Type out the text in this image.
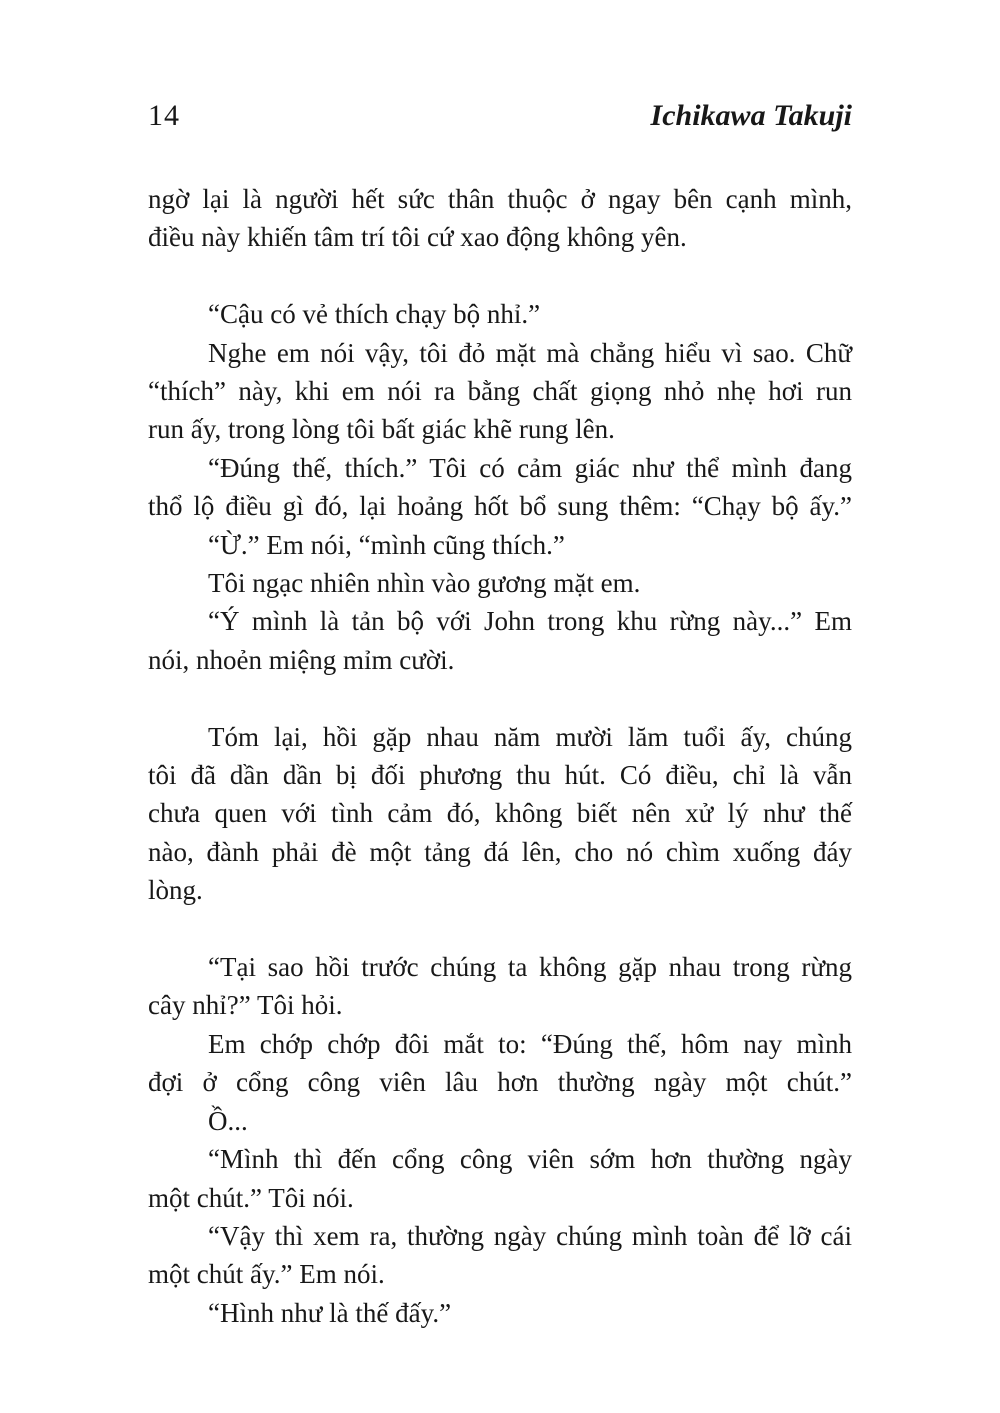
14	Ichikawa Takuji
ngờ lại là người hết sức thân thuộc ở ngay bên cạnh mình,
điều này khiến tâm trí tôi cứ xao động không yên.
“Cậu có vẻ thích chạy bộ nhỉ.”
Nghe em nói vậy, tôi đỏ mặt mà chẳng hiểu vì sao. Chữ
“thích” này, khi em nói ra bằng chất giọng nhỏ nhẹ hơi run
run ấy, trong lòng tôi bất giác khẽ rung lên.
“Đúng thế, thích.” Tôi có cảm giác như thể mình đang
thổ lộ điều gì đó, lại hoảng hốt bổ sung thêm: “Chạy bộ ấy.”
“Ừ.” Em nói, “mình cũng thích.”
Tôi ngạc nhiên nhìn vào gương mặt em.
“Ý mình là tản bộ với John trong khu rừng này...” Em
nói, nhoẻn miệng mỉm cười.
Tóm lại, hồi gặp nhau năm mười lăm tuổi ấy, chúng
tôi đã dần dần bị đối phương thu hút. Có điều, chỉ là vẫn
chưa quen với tình cảm đó, không biết nên xử lý như thế
nào, đành phải đè một tảng đá lên, cho nó chìm xuống đáy
lòng.
“Tại sao hồi trước chúng ta không gặp nhau trong rừng
cây nhỉ?” Tôi hỏi.
Em chớp chớp đôi mắt to: “Đúng thế, hôm nay mình
đợi ở cổng công viên lâu hơn thường ngày một chút.”
Ồ...
“Mình thì đến cổng công viên sớm hơn thường ngày
một chút.” Tôi nói.
“Vậy thì xem ra, thường ngày chúng mình toàn để lỡ cái
một chút ấy.” Em nói.
“Hình như là thế đấy.”
